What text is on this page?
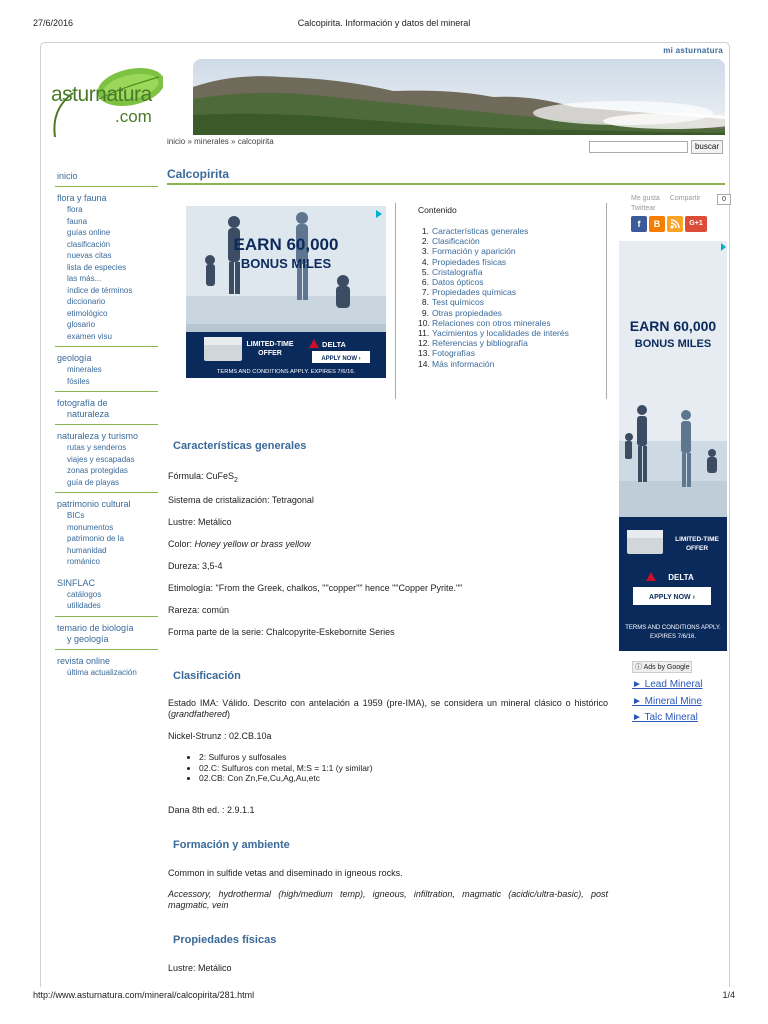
27/6/2016	Calcopirita. Información y datos del mineral
mi asturnatura
asturnatura
.com
inicio » minerales » calcopirita
buscar
inicio
flora y fauna
flora
fauna
guías online
clasificación
nuevas citas
lista de especies
las más...
índice de términos
diccionario
etimológico
glosario
examen visu
geología
minerales
fósiles
fotografía de
naturaleza
naturaleza y turismo
rutas y senderos
viajes y escapadas
zonas protegidas
guía de playas
patrimonio cultural
BICs
monumentos
patrimonio de la
humanidad
románico
SINFLAC
catálogos
utilidades
temario de biología
y geología
revista online
última actualización
Calcopirita
EARN 60,000
BONUS MILES
LIMITED-TIME
OFFER
DELTA
APPLY NOW ›
TERMS AND CONDITIONS APPLY. EXPIRES 7/6/16.
Contenido
1. Características generales
2. Clasificación
3. Formación y aparición
4. Propiedades físicas
5. Cristalografía
6. Datos ópticos
7. Propiedades químicas
8. Test químicos
9. Otras propiedades
10. Relaciones con otros minerales
11. Yacimientos y localidades de interés
12. Referencias y bibliografía
13. Fotografías
14. Más información
Me gusta Compartir	0
Twittear
f	B	G+1
EARN 60,000
BONUS MILES
LIMITED-TIME
OFFER
DELTA
APPLY NOW ›
TERMS AND CONDITIONS APPLY.
EXPIRES 7/6/16.
ⓘ Ads by Google
► Lead Mineral
► Mineral Mine
► Talc Mineral
Características generales
Fórmula: CuFeS$_2$
Sistema de cristalización: Tetragonal
Lustre: Metálico
Color: Honey yellow or brass yellow
Dureza: 3,5-4
Etimología: "From the Greek, chalkos, ""copper"" hence ""Copper Pyrite.""
Rareza: común
Forma parte de la serie: Chalcopyrite-Eskebornite Series
Clasificación
Estado IMA: Válido. Descrito con antelación a 1959 (pre-IMA), se considera un mineral clásico o histórico (grandfathered)
Nickel-Strunz : 02.CB.10a
• 2: Sulfuros y sulfosales
• 02.C: Sulfuros con metal, M:S = 1:1 (y similar)
• 02.CB: Con Zn,Fe,Cu,Ag,Au,etc
Dana 8th ed. : 2.9.1.1
Formación y ambiente
Common in sulfide vetas and diseminado in igneous rocks.
Accessory, hydrothermal (high/medium temp), igneous, infiltration, magmatic (acidic/ultra-basic), post magmatic, vein
Propiedades físicas
Lustre: Metálico
http://www.asturnatura.com/mineral/calcopirita/281.html	1/4
